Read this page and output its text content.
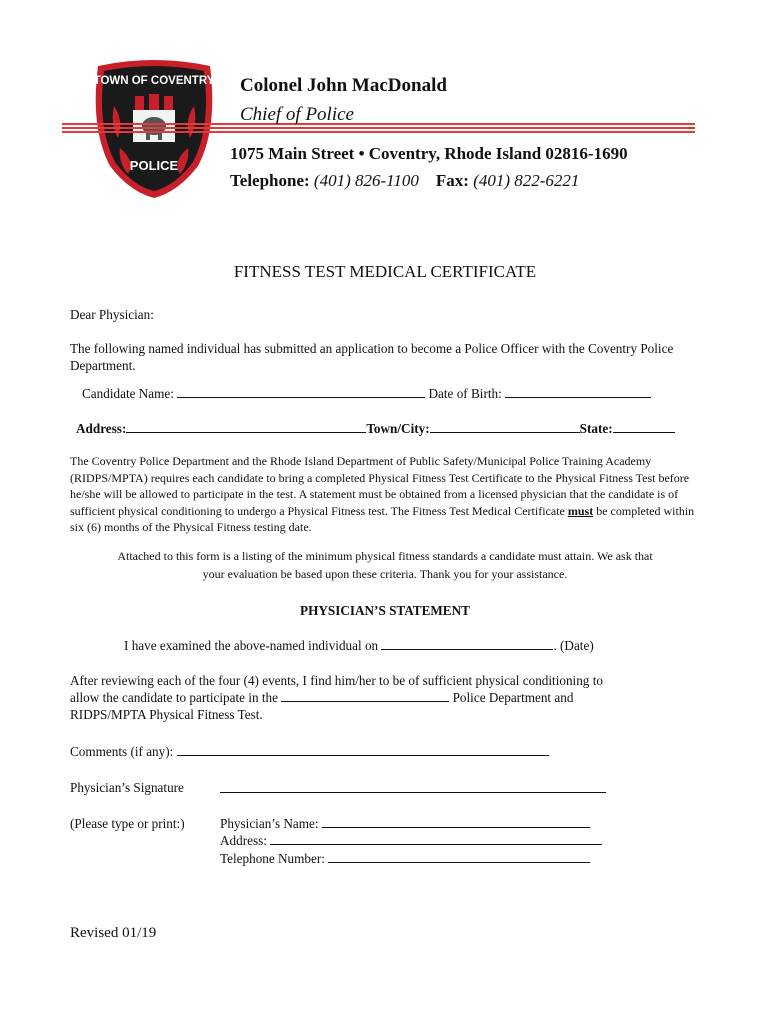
TOWN OF COVENTRY
POLICE
Colonel John MacDonald
Chief of Police
1075 Main Street • Coventry, Rhode Island 02816-1690
Telephone: (401) 826-1100 Fax: (401) 822-6221
FITNESS TEST MEDICAL CERTIFICATE
Dear Physician:
The following named individual has submitted an application to become a Police Officer with the Coventry Police Department.
Candidate Name:	Date of Birth:
Address:	Town/City:	State:
The Coventry Police Department and the Rhode Island Department of Public Safety/Municipal Police Training Academy (RIDPS/MPTA) requires each candidate to bring a completed Physical Fitness Test Certificate to the Physical Fitness Test before he/she will be allowed to participate in the test. A statement must be obtained from a licensed physician that the candidate is of sufficient physical conditioning to undergo a Physical Fitness test. The Fitness Test Medical Certificate must be completed within six (6) months of the Physical Fitness testing date.
Attached to this form is a listing of the minimum physical fitness standards a candidate must attain. We ask that
your evaluation be based upon these criteria. Thank you for your assistance.
PHYSICIAN’S STATEMENT
I have examined the above-named individual on	. (Date)
After reviewing each of the four (4) events, I find him/her to be of sufficient physical conditioning to
allow the candidate to participate in the	Police Department and
RIDPS/MPTA Physical Fitness Test.
Comments (if any):
Physician’s Signature
(Please type or print:)	Physician’s Name:
Address:
Telephone Number:
Revised 01/19
